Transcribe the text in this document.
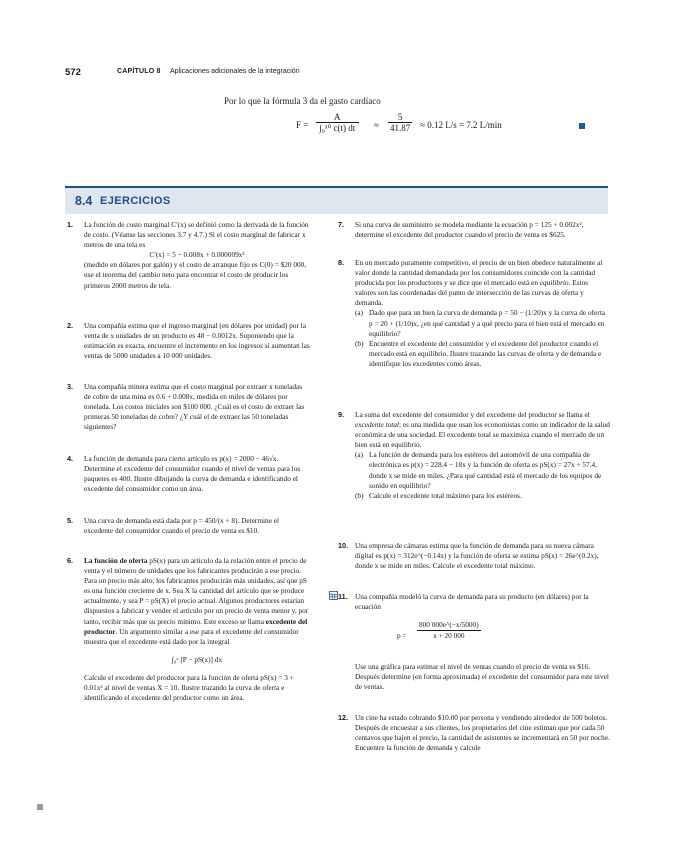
572	CAPÍTULO 8 Aplicaciones adicionales de la integración
Por lo que la fórmula 3 da el gasto cardíaco
$F = \frac{A}{\text{∫₀¹⁰ c(t) dt}} \approx \frac{5}{41.87} \approx 0.12$ L/s = 7.2 L/min
8.4 EJERCICIOS
1. La función de costo marginal C′(x) se definió como la derivada de la función de costo. (Véanse las secciones 3.7 y 4.7.) Si el costo marginal de fabricar x metros de una tela es

C′(x) = 5 − 0.008x + 0.000009x²

(medido en dólares por galón) y el costo de arranque fijo es C(0) = $20 000, use el teorema del cambio neto para encontrar el costo de producir los primeros 2000 metros de tela.

2. Una compañía estima que el ingreso marginal (en dólares por unidad) por la venta de x unidades de un producto es 48 − 0.0012x. Suponiendo que la estimación es exacta, encuentre el incremento en los ingresos si aumentan las ventas de 5000 unidades a 10 000 unidades.

3. Una compañía minera estima que el costo marginal por extraer x toneladas de cobre de una mina es 0.6 + 0.008x, medida en miles de dólares por tonelada. Los costos iniciales son $100 000. ¿Cuál es el costo de extraer las primeras 50 toneladas de cobre? ¿Y cuál el de extraer las 50 toneladas siguientes?

4. La función de demanda para cierto artículo es p(x) = 2000 − 46√x. Determine el excedente del consumidor cuando el nivel de ventas para los paquetes es 400. Ilustre dibujando la curva de demanda e identificando el excedente del consumidor como un área.

5. Una curva de demanda está dada por p = 450/(x + 8). Determine el excedente del consumidor cuando el precio de venta es $10.

6. La función de oferta pS(x) para un artículo da la relación entre el precio de venta y el número de unidades que los fabricantes producirán a ese precio. Para un precio más alto, los fabricantes producirán más unidades, así que pS es una función creciente de x. Sea X la cantidad del artículo que se produce actualmente, y sea P = pS(X) el precio actual. Algunos productores estarían dispuestos a fabricar y vender el artículo por un precio de venta menor y, por tanto, recibir más que su precio mínimo. Este exceso se llama excedente del productor. Un argumento similar a ese para el excedente del consumidor muestra que el excedente está dado por la integral

∫₀ˣ [P − pS(x)] dx

Calcule el excedente del productor para la función de oferta pS(x) = 3 + 0.01x² al nivel de ventas X = 10. Ilustre trazando la curva de oferta e identificando el excedente del productor como un área.

7. Si una curva de suministro se modela mediante la ecuación p = 125 + 0.002x², determine el excedente del productor cuando el precio de venta es $625.

8. En un mercado puramente competitivo, el precio de un bien obedece naturalmente al valor donde la cantidad demandada por los consumidores coincide con la cantidad producida por los productores y se dice que el mercado está en equilibrio. Estos valores son las coordenadas del punto de intersección de las curvas de oferta y demanda.

(a) Dado que para un bien la curva de demanda p = 50 − (1/20)x y la curva de oferta p = 20 + (1/10)x, ¿en qué cantidad y a qué precio para el bien está el mercado en equilibrio?
(b) Encuentre el excedente del consumidor y el excedente del productor cuando el mercado está en equilibrio. Ilustre trazando las curvas de oferta y de demanda e identifique los excedentes como áreas.
9. La suma del excedente del consumidor y del excedente del productor se llama el excedente total; es una medida que usan los economistas como un indicador de la salud económica de una sociedad. El excedente total se maximiza cuando el mercado de un bien está en equilibrio.

(a) La función de demanda para los estéreos del automóvil de una compañía de electrónica es p(x) = 228.4 − 18x y la función de oferta es pS(x) = 27x + 57.4, donde x se mide en miles. ¿Para qué cantidad está el mercado de los equipos de sonido en equilibrio?
(b) Calcule el excedente total máximo para los estéreos.
10. Una empresa de cámaras estima que la función de demanda para su nueva cámara digital es p(x) = 312e^(−0.14x) y la función de oferta se estima pS(x) = 26e^(0.2x), donde x se mide en miles. Calcule el excedente total máximo.

11. Una compañía modeló la curva de demanda para su producto (en dólares) por la ecuación

$p = \frac{800 000e\^{}(-x/5000)}{x + 20 000}$

Use una gráfica para estimar el nivel de ventas cuando el precio de venta es $16. Después determine (en forma aproximada) el excedente del consumidor para este nivel de ventas.

12. Un cine ha estado cobrando $10.00 por persona y vendiendo alrededor de 500 boletos. Después de encuestar a sus clientes, los propietarios del cine estiman que por cada 50 centavos que bajen el precio, la cantidad de asistentes se incrementará en 50 por noche. Encuentre la función de demanda y calcule
